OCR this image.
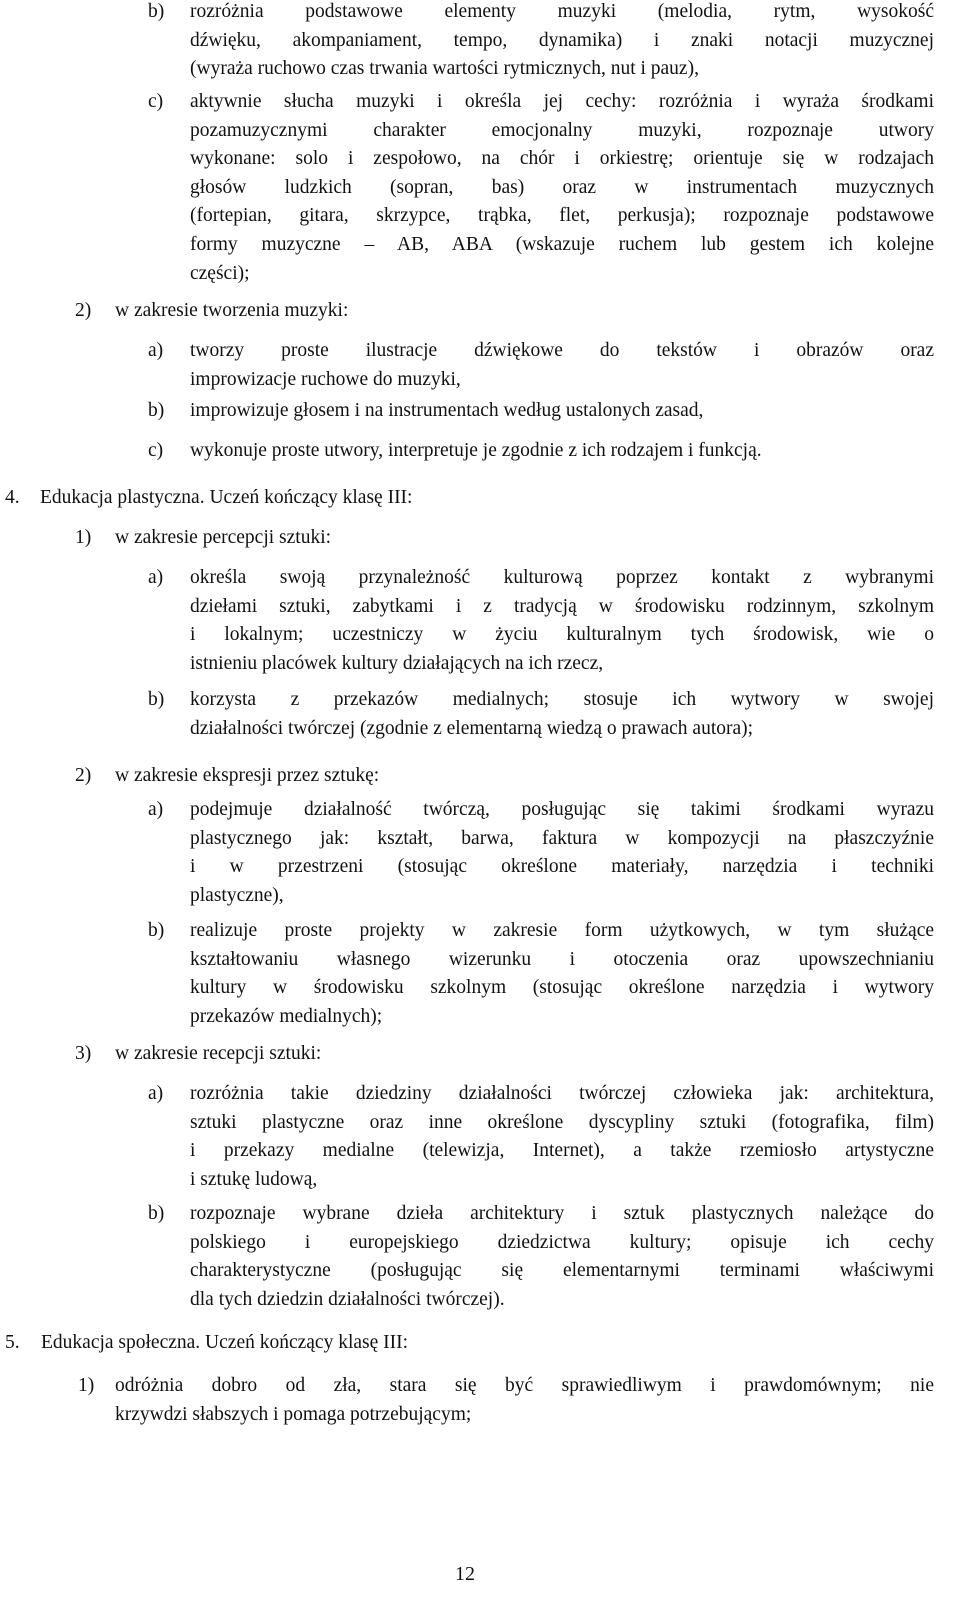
b)	rozróżnia podstawowe elementy muzyki (melodia, rytm, wysokość
dźwięku, akompaniament, tempo, dynamika) i znaki notacji muzycznej
(wyraża ruchowo czas trwania wartości rytmicznych, nut i pauz),
c)	aktywnie słucha muzyki i określa jej cechy: rozróżnia i wyraża środkami
pozamuzycznymi charakter emocjonalny muzyki, rozpoznaje utwory
wykonane: solo i zespołowo, na chór i orkiestrę; orientuje się w rodzajach
głosów ludzkich (sopran, bas) oraz w instrumentach muzycznych
(fortepian, gitara, skrzypce, trąbka, flet, perkusja); rozpoznaje podstawowe
formy muzyczne – AB, ABA (wskazuje ruchem lub gestem ich kolejne
części);
2)	w zakresie tworzenia muzyki:
a)	tworzy proste ilustracje dźwiękowe do tekstów i obrazów oraz
improwizacje ruchowe do muzyki,
b)	improwizuje głosem i na instrumentach według ustalonych zasad,
c)	wykonuje proste utwory, interpretuje je zgodnie z ich rodzajem i funkcją.
4.	Edukacja plastyczna. Uczeń kończący klasę III:
1)	w zakresie percepcji sztuki:
a)	określa swoją przynależność kulturową poprzez kontakt z wybranymi
dziełami sztuki, zabytkami i z tradycją w środowisku rodzinnym, szkolnym
i lokalnym; uczestniczy w życiu kulturalnym tych środowisk, wie o
istnieniu placówek kultury działających na ich rzecz,
b)	korzysta z przekazów medialnych; stosuje ich wytwory w swojej
działalności twórczej (zgodnie z elementarną wiedzą o prawach autora);
2)	w zakresie ekspresji przez sztukę:
a)	podejmuje działalność twórczą, posługując się takimi środkami wyrazu
plastycznego jak: kształt, barwa, faktura w kompozycji na płaszczyźnie
i w przestrzeni (stosując określone materiały, narzędzia i techniki
plastyczne),
b)	realizuje proste projekty w zakresie form użytkowych, w tym służące
kształtowaniu własnego wizerunku i otoczenia oraz upowszechnianiu
kultury w środowisku szkolnym (stosując określone narzędzia i wytwory
przekazów medialnych);
3)	w zakresie recepcji sztuki:
a)	rozróżnia takie dziedziny działalności twórczej człowieka jak: architektura,
sztuki plastyczne oraz inne określone dyscypliny sztuki (fotografika, film)
i przekazy medialne (telewizja, Internet), a także rzemiosło artystyczne
i sztukę ludową,
b)	rozpoznaje wybrane dzieła architektury i sztuk plastycznych należące do
polskiego i europejskiego dziedzictwa kultury; opisuje ich cechy
charakterystyczne (posługując się elementarnymi terminami właściwymi
dla tych dziedzin działalności twórczej).
5.	Edukacja społeczna. Uczeń kończący klasę III:
1)	odróżnia dobro od zła, stara się być sprawiedliwym i prawdomównym; nie
krzywdzi słabszych i pomaga potrzebującym;
12
